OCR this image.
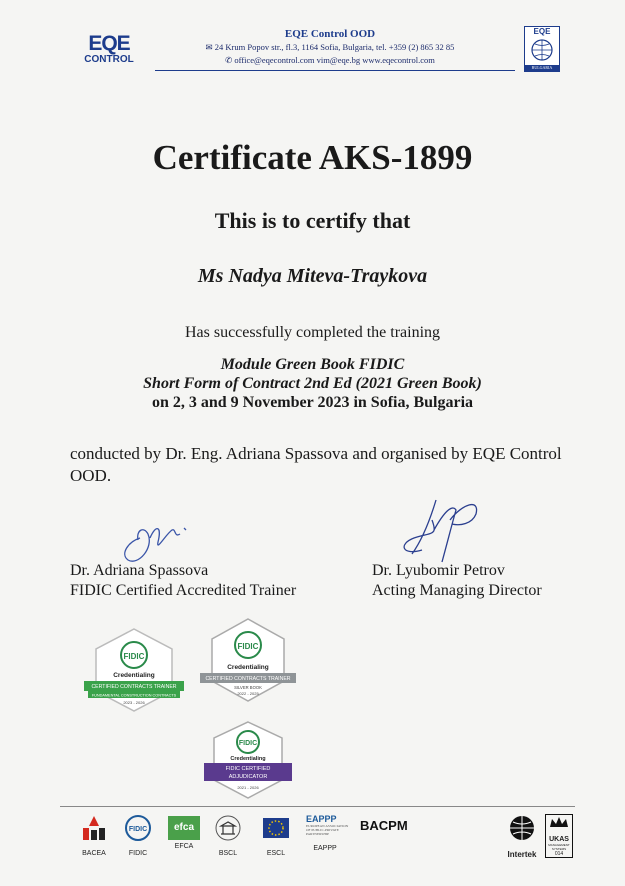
EQE
CONTROL
EQE Control OOD
✉ 24 Krum Popov str., fl.3, 1164 Sofia, Bulgaria, tel. +359 (2) 865 32 85
✆ office@eqecontrol.com vim@eqe.bg www.eqecontrol.com
EQE
BULGARIA
Certificate AKS-1899
This is to certify that
Ms Nadya Miteva-Traykova
Has successfully completed the training
Module Green Book FIDIC
Short Form of Contract 2nd Ed (2021 Green Book)
on 2, 3 and 9 November 2023 in Sofia, Bulgaria
conducted by Dr. Eng. Adriana Spassova and organised by EQE Control OOD.
Dr. Adriana Spassova
FIDIC Certified Accredited Trainer
Dr. Lyubomir Petrov
Acting Managing Director
FIDIC
Credentialing
CERTIFIED CONTRACTS TRAINER
FUNDAMENTAL CONSTRUCTION CONTRACTS
2023 - 2026
FIDIC
Credentialing
CERTIFIED CONTRACTS TRAINER
SILVER BOOK
2022 - 2025
FIDIC
Credentialing
FIDIC CERTIFIED
ADJUDICATOR
2021 - 2026
BACEA
FIDIC
FIDIC
efca
EFCA
BSCL	ESCL
EAPPP
EUROPEAN ASSOCIATION OF PUBLIC-PRIVATE PARTNERSHIP
EAPPP
BACPM
Intertek
UKAS
MANAGEMENT SYSTEMS
014
